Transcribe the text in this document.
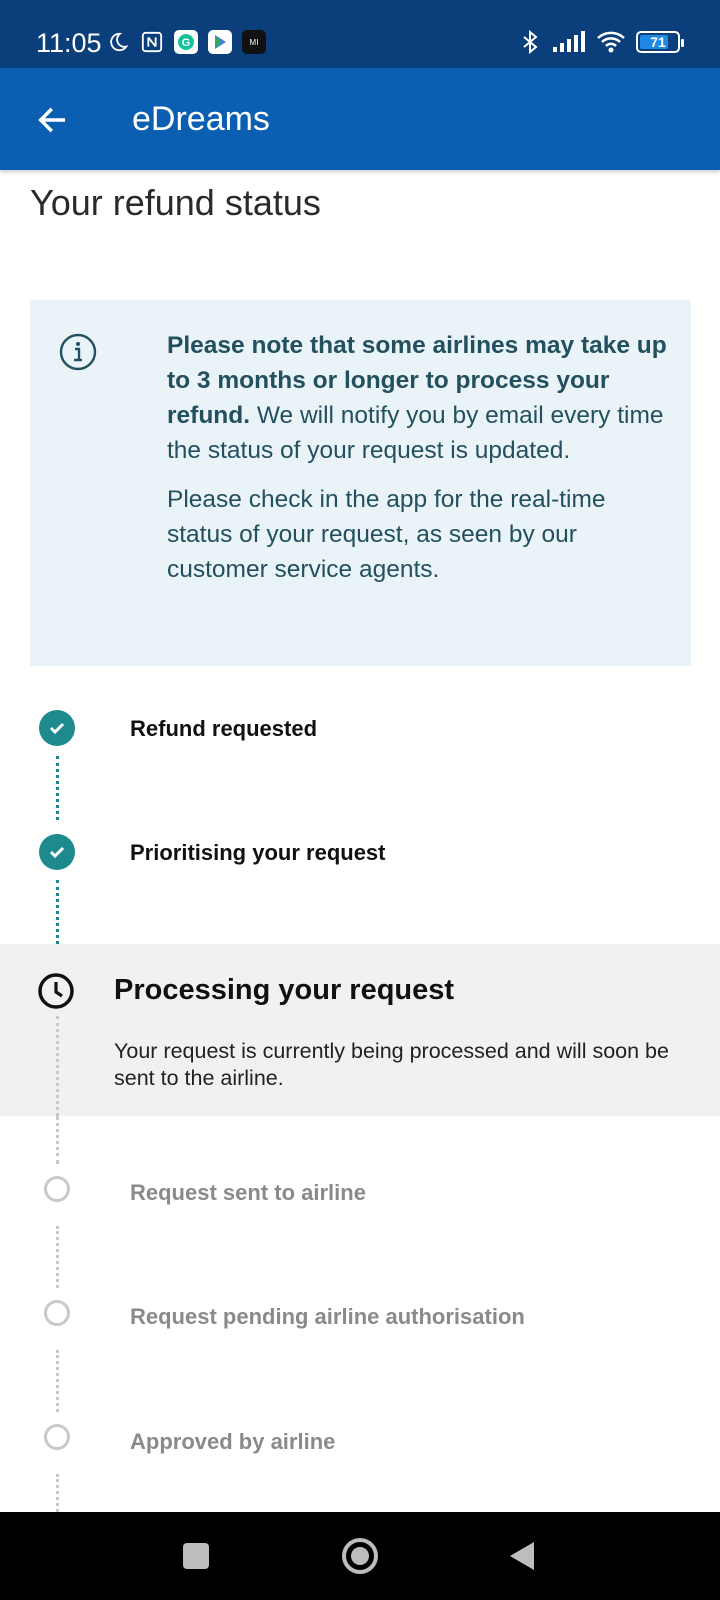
11:05	G	MI	71
eDreams
Your refund status

Please note that some airlines may take up to 3 months or longer to process your refund. We will notify you by email every time the status of your request is updated.

Please check in the app for the real-time status of your request, as seen by our customer service agents.

Refund requested
Prioritising your request
Processing your request

Your request is currently being processed and will soon be sent to the airline.

Request sent to airline
Request pending airline authorisation
Approved by airline
